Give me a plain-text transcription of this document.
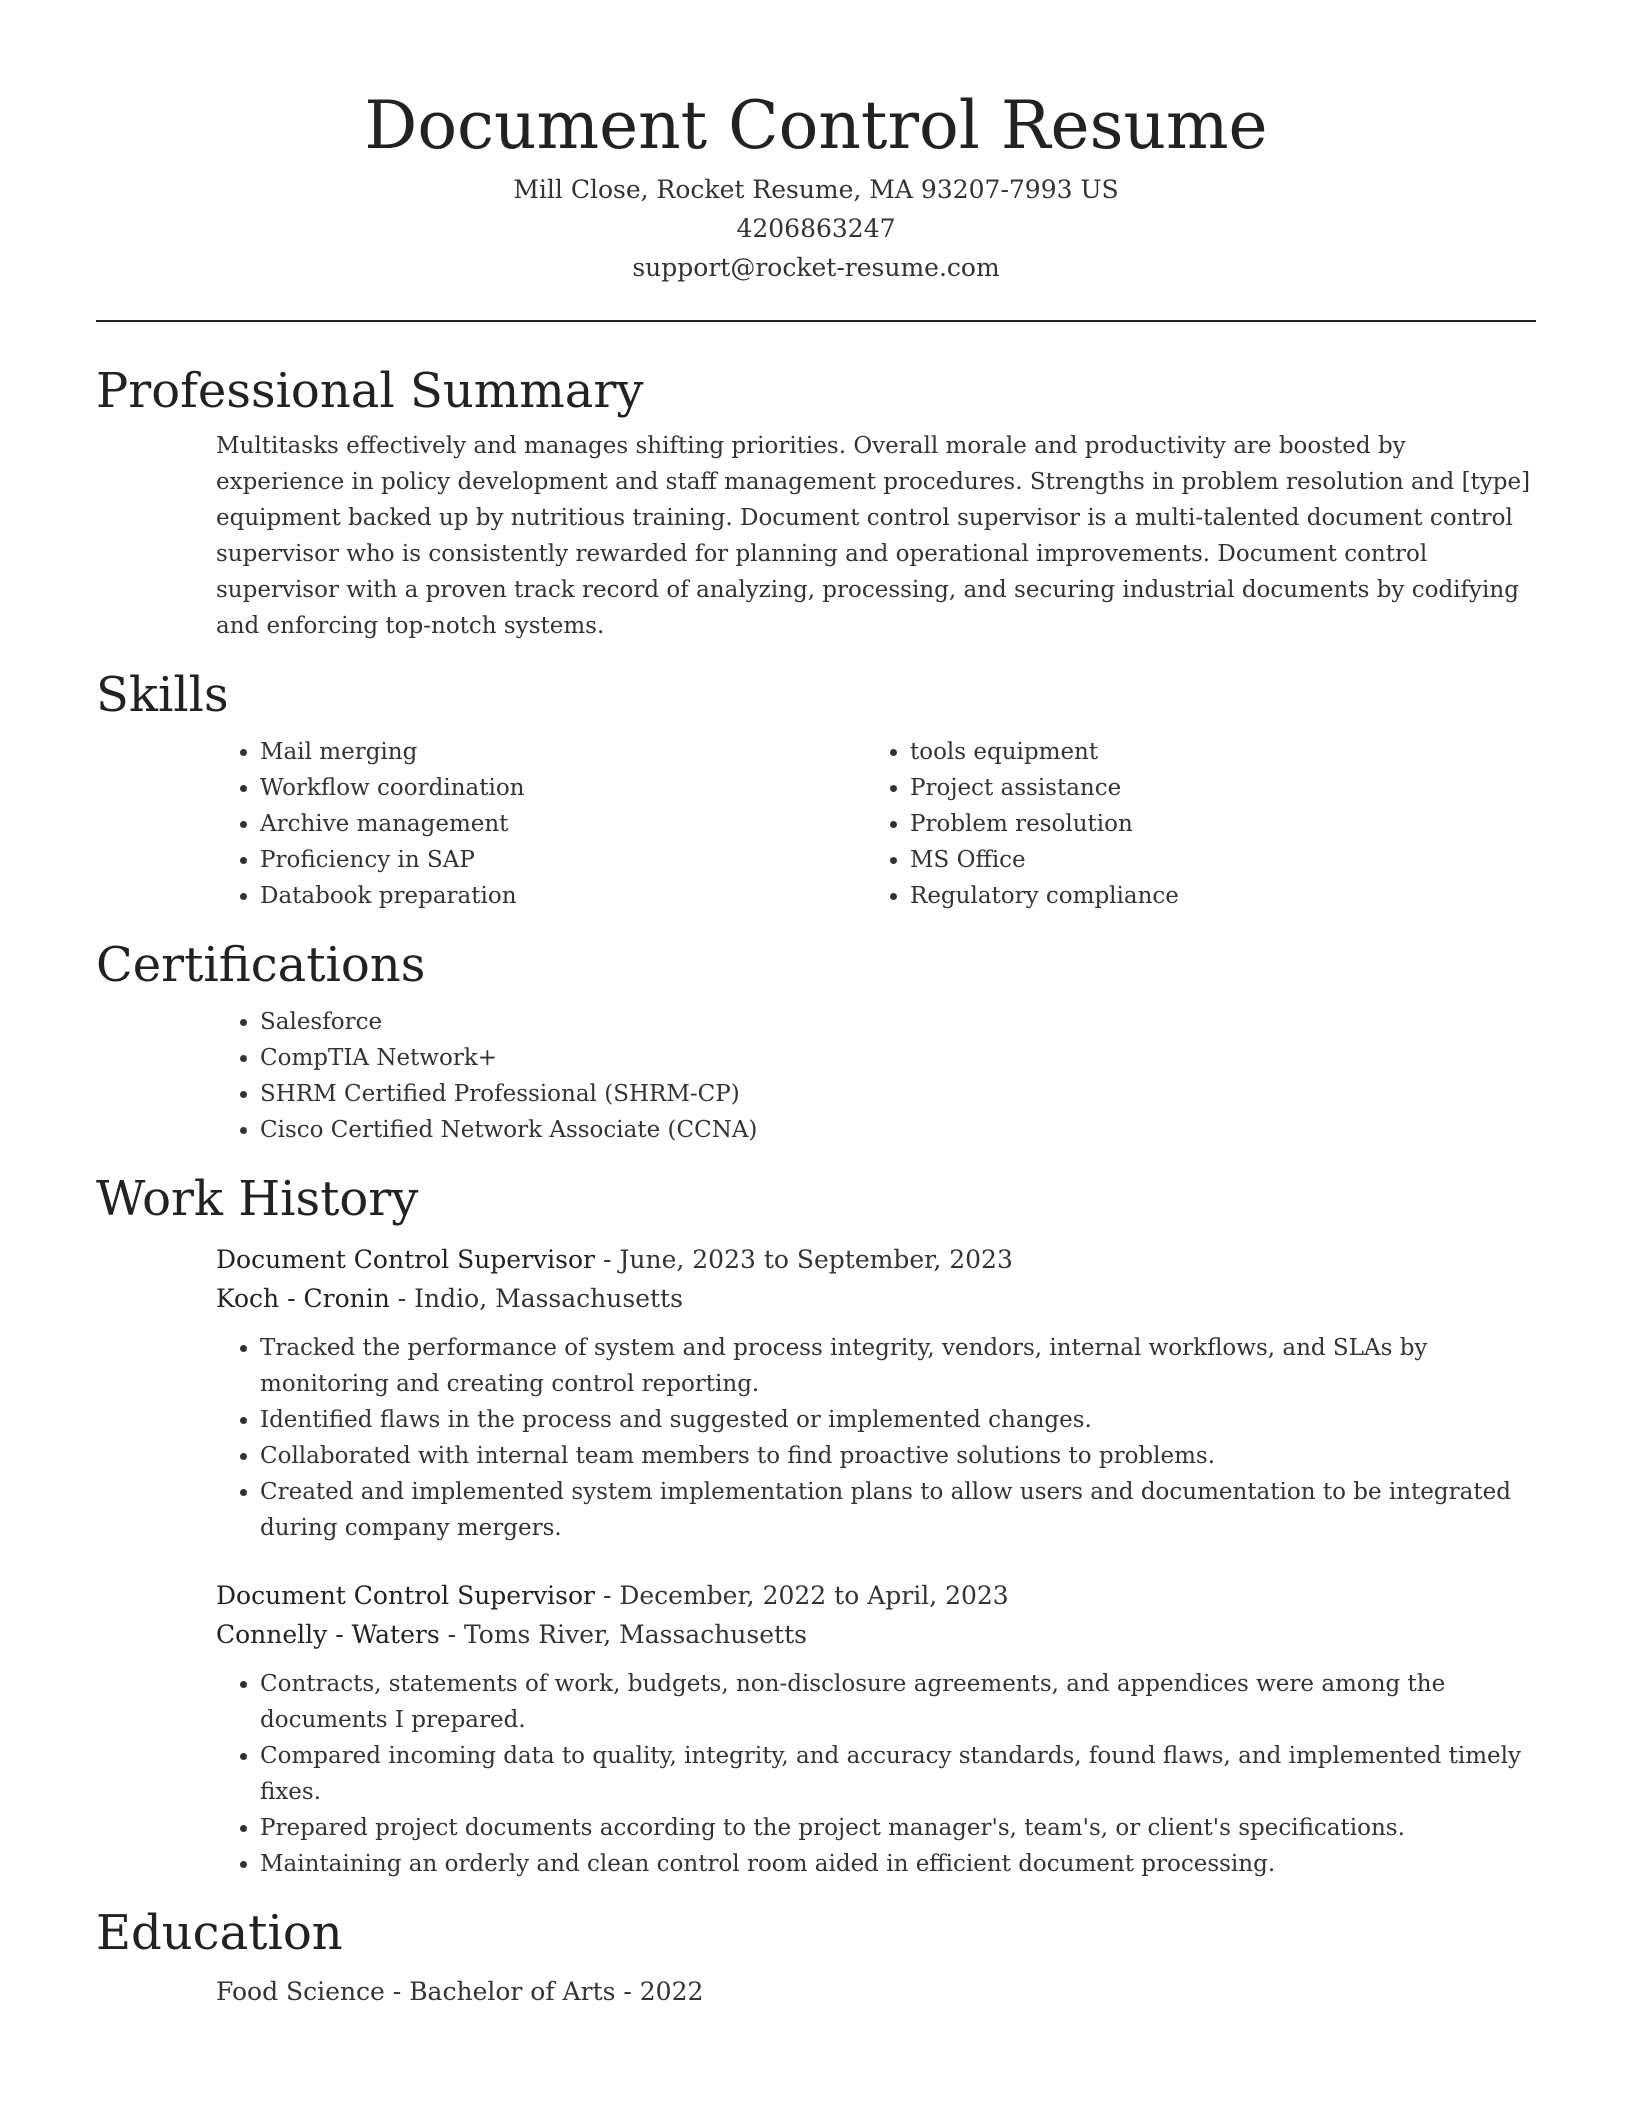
Document Control Resume

Mill Close, Rocket Resume, MA 93207-7993 US

4206863247

support@rocket-resume.com

Professional Summary

Multitasks effectively and manages shifting priorities. Overall morale and productivity are boosted by experience in policy development and staff management procedures. Strengths in problem resolution and [type] equipment backed up by nutritious training. Document control supervisor is a multi-talented document control supervisor who is consistently rewarded for planning and operational improvements. Document control supervisor with a proven track record of analyzing, processing, and securing industrial documents by codifying and enforcing top-notch systems.

Skills
• Mail merging
• Workflow coordination
• Archive management
• Proficiency in SAP
• Databook preparation
• tools equipment
• Project assistance
• Problem resolution
• MS Office
• Regulatory compliance
Certifications
• Salesforce
• CompTIA Network+
• SHRM Certified Professional (SHRM-CP)
• Cisco Certified Network Associate (CCNA)
Work History

Document Control Supervisor - June, 2023 to September, 2023

Koch - Cronin - Indio, Massachusetts

• Tracked the performance of system and process integrity, vendors, internal workflows, and SLAs by monitoring and creating control reporting.
• Identified flaws in the process and suggested or implemented changes.
• Collaborated with internal team members to find proactive solutions to problems.
• Created and implemented system implementation plans to allow users and documentation to be integrated during company mergers.

Document Control Supervisor - December, 2022 to April, 2023

Connelly - Waters - Toms River, Massachusetts

• Contracts, statements of work, budgets, non-disclosure agreements, and appendices were among the documents I prepared.
• Compared incoming data to quality, integrity, and accuracy standards, found flaws, and implemented timely fixes.
• Prepared project documents according to the project manager's, team's, or client's specifications.
• Maintaining an orderly and clean control room aided in efficient document processing.
Education

Food Science - Bachelor of Arts - 2022
